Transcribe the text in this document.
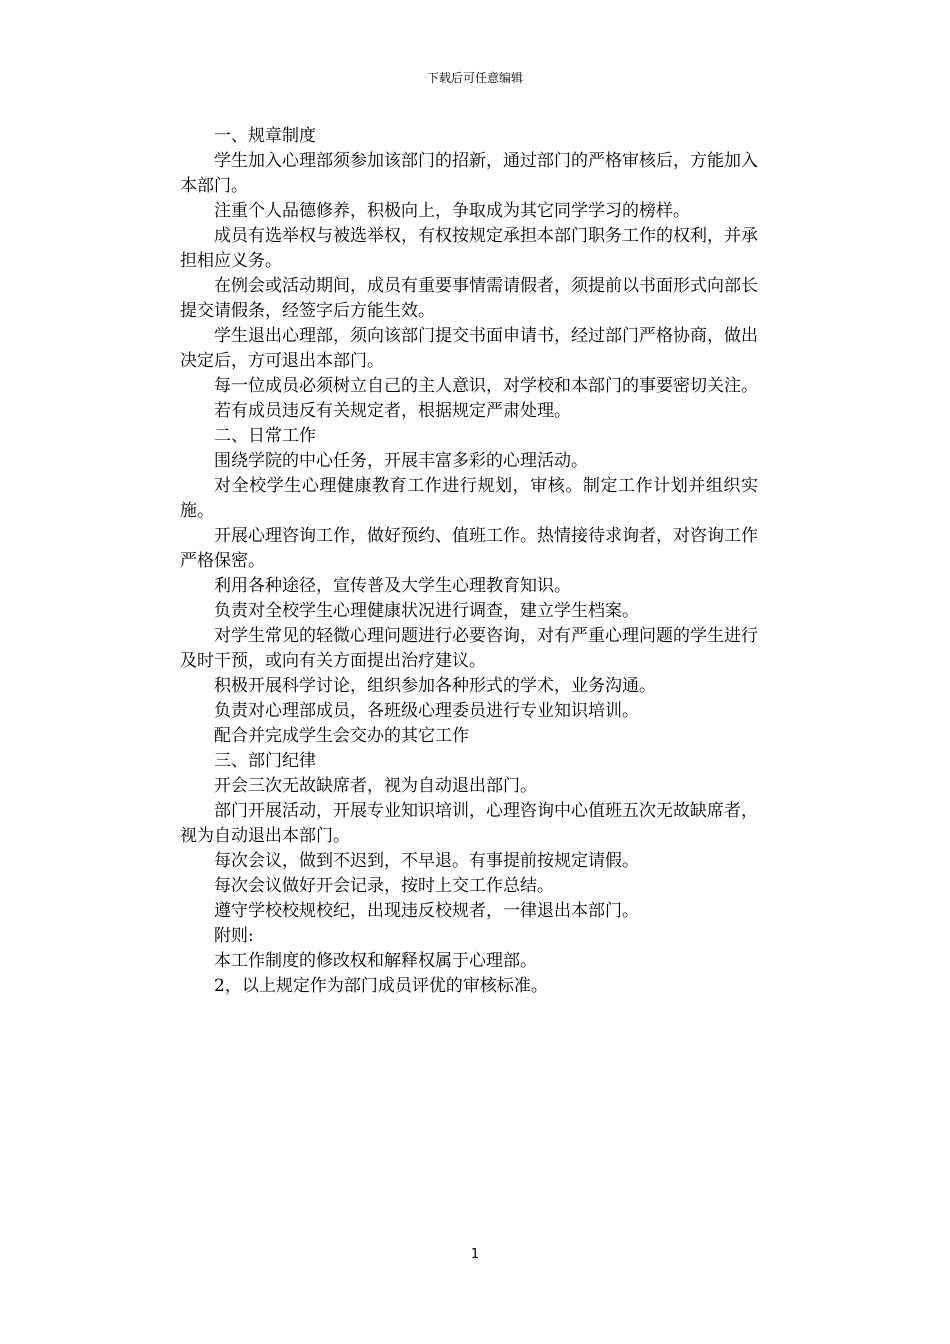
下载后可任意编辑

一、规章制度

学生加入心理部须参加该部门的招新，通过部门的严格审核后，方能加入本部门。

注重个人品德修养，积极向上，争取成为其它同学学习的榜样。

成员有选举权与被选举权，有权按规定承担本部门职务工作的权利，并承担相应义务。

在例会或活动期间，成员有重要事情需请假者，须提前以书面形式向部长提交请假条，经签字后方能生效。

学生退出心理部，须向该部门提交书面申请书，经过部门严格协商，做出决定后，方可退出本部门。

每一位成员必须树立自己的主人意识，对学校和本部门的事要密切关注。

若有成员违反有关规定者，根据规定严肃处理。

二、日常工作

围绕学院的中心任务，开展丰富多彩的心理活动。

对全校学生心理健康教育工作进行规划，审核。制定工作计划并组织实施。

开展心理咨询工作，做好预约、值班工作。热情接待求询者，对咨询工作严格保密。

利用各种途径，宣传普及大学生心理教育知识。

负责对全校学生心理健康状况进行调查，建立学生档案。

对学生常见的轻微心理问题进行必要咨询，对有严重心理问题的学生进行及时干预，或向有关方面提出治疗建议。

积极开展科学讨论，组织参加各种形式的学术，业务沟通。

负责对心理部成员，各班级心理委员进行专业知识培训。

配合并完成学生会交办的其它工作

三、部门纪律

开会三次无故缺席者，视为自动退出部门。

部门开展活动，开展专业知识培训，心理咨询中心值班五次无故缺席者，视为自动退出本部门。

每次会议，做到不迟到，不早退。有事提前按规定请假。

每次会议做好开会记录，按时上交工作总结。

遵守学校校规校纪，出现违反校规者，一律退出本部门。

附则:

本工作制度的修改权和解释权属于心理部。

2，以上规定作为部门成员评优的审核标准。

1
